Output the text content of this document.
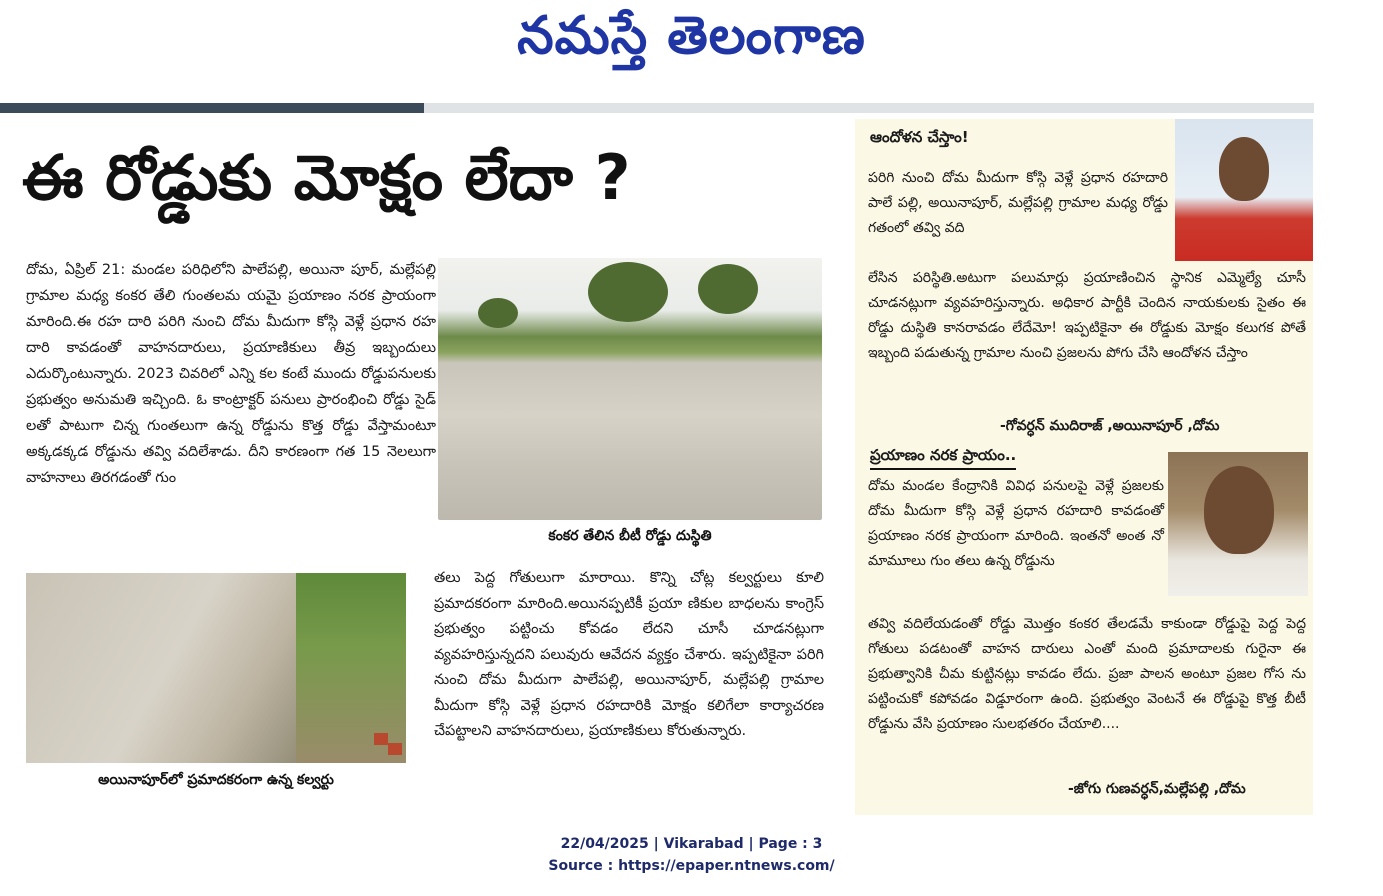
నమస్తే తెలంగాణ
ఈ రోడ్డుకు మోక్షం లేదా ?

దోమ, ఏప్రిల్ 21: మండల పరిధిలోని పాలేపల్లి, అయినా పూర్, మల్లేపల్లి గ్రామాల మధ్య కంకర తేలి గుంతలమ యమై ప్రయాణం నరక ప్రాయంగా మారింది.ఈ రహ దారి పరిగి నుంచి దోమ మీదుగా కోస్గి వెళ్లే ప్రధాన రహ దారి కావడంతో వాహనదారులు, ప్రయాణికులు తీవ్ర ఇబ్బందులు ఎదుర్కొంటున్నారు. 2023 చివరిలో ఎన్ని కల కంటే ముందు రోడ్డుపనులకు ప్రభుత్వం అనుమతి ఇచ్చింది. ఓ కాంట్రాక్టర్ పనులు ప్రారంభించి రోడ్డు సైడ్ లతో పాటుగా చిన్న గుంతలుగా ఉన్న రోడ్డును కొత్త రోడ్డు వేస్తామంటూ అక్కడక్కడ రోడ్డును తవ్వి వదిలేశాడు. దీని కారణంగా గత 15 నెలలుగా వాహనాలు తిరగడంతో గుం

కంకర తేలిన బీటీ రోడ్డు దుస్థితి
అయినాపూర్‌లో ప్రమాదకరంగా ఉన్న కల్వర్టు

తలు పెద్ద గోతులుగా మారాయి. కొన్ని చోట్ల కల్వర్టులు కూలి ప్రమాదకరంగా మారింది.అయినప్పటికీ ప్రయా ణికుల బాధలను కాంగ్రెస్ ప్రభుత్వం పట్టించు కోవడం లేదని చూసీ చూడనట్లుగా వ్యవహరిస్తున్నదని పలువురు ఆవేదన వ్యక్తం చేశారు. ఇప్పటికైనా పరిగి నుంచి దోమ మీదుగా పాలేపల్లి, అయినాపూర్, మల్లేపల్లి గ్రామాల మీదుగా కోస్గి వెళ్లే ప్రధాన రహదారికి మోక్షం కలిగేలా కార్యాచరణ చేపట్టాలని వాహనదారులు, ప్రయాణికులు కోరుతున్నారు.

ఆందోళన చేస్తాం!

పరిగి నుంచి దోమ మీదుగా కోస్గి వెళ్లే ప్రధాన రహదారి పాలే పల్లి, అయినాపూర్, మల్లేపల్లి గ్రామాల మధ్య రోడ్డు గతంలో తవ్వి వది

లేసిన పరిస్థితి.అటుగా పలుమార్లు ప్రయాణించిన స్థానిక ఎమ్మెల్యే చూసీ చూడనట్లుగా వ్యవహరిస్తున్నారు. అధికార పార్టీకి చెందిన నాయకులకు సైతం ఈ రోడ్డు దుస్థితి కానరావడం లేదేమో! ఇప్పటికైనా ఈ రోడ్డుకు మోక్షం కలుగక పోతే ఇబ్బంది పడుతున్న గ్రామాల నుంచి ప్రజలను పోగు చేసి ఆందోళన చేస్తాం

-గోవర్ధన్ ముదిరాజ్ ,అయినాపూర్ ,దోమ
ప్రయాణం నరక ప్రాయం..

దోమ మండల కేంద్రానికి వివిధ పనులపై వెళ్లే ప్రజలకు దోమ మీదుగా కోస్గి వెళ్లే ప్రధాన రహదారి కావడంతో ప్రయాణం నరక ప్రాయంగా మారింది. ఇంతనో అంత నో మామూలు గుం తలు ఉన్న రోడ్డును

తవ్వి వదిలేయడంతో రోడ్డు మొత్తం కంకర తేలడమే కాకుండా రోడ్డుపై పెద్ద పెద్ద గోతులు పడటంతో వాహన దారులు ఎంతో మంది ప్రమాదాలకు గురైనా ఈ ప్రభుత్వానికి చీమ కుట్టినట్లు కావడం లేదు. ప్రజా పాలన అంటూ ప్రజల గోస ను పట్టించుకో కపోవడం విడ్డూరంగా ఉంది. ప్రభుత్వం వెంటనే ఈ రోడ్డుపై కొత్త బీటీ రోడ్డును వేసి ప్రయాణం సులభతరం చేయాలి....

-జోగు గుణవర్ధన్,మల్లేపల్లి ,దోమ
22/04/2025 | Vikarabad | Page : 3
Source : https://epaper.ntnews.com/
